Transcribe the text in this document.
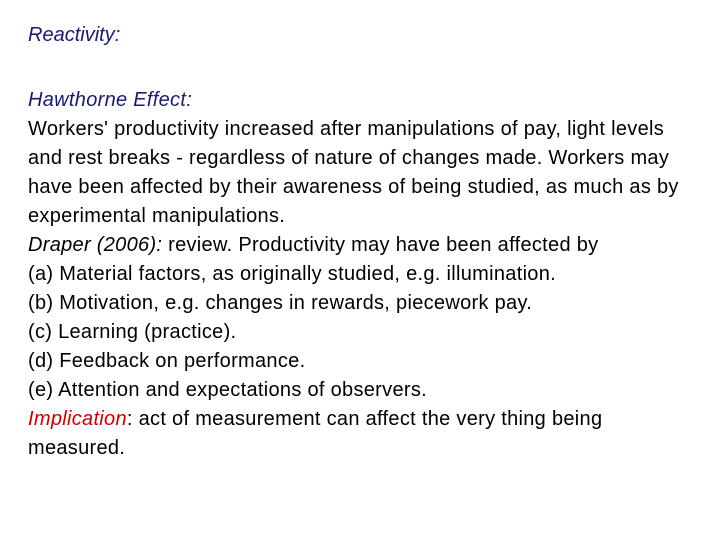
Reactivity:
Hawthorne Effect:
Workers' productivity increased after manipulations of pay, light levels and rest breaks - regardless of nature of changes made. Workers may have been affected by their awareness of being studied, as much as by experimental manipulations.
Draper (2006): review. Productivity may have been affected by
(a) Material factors, as originally studied, e.g. illumination.
(b) Motivation, e.g. changes in rewards, piecework pay.
(c) Learning (practice).
(d) Feedback on performance.
(e) Attention and expectations of observers.
Implication: act of measurement can affect the very thing being measured.
